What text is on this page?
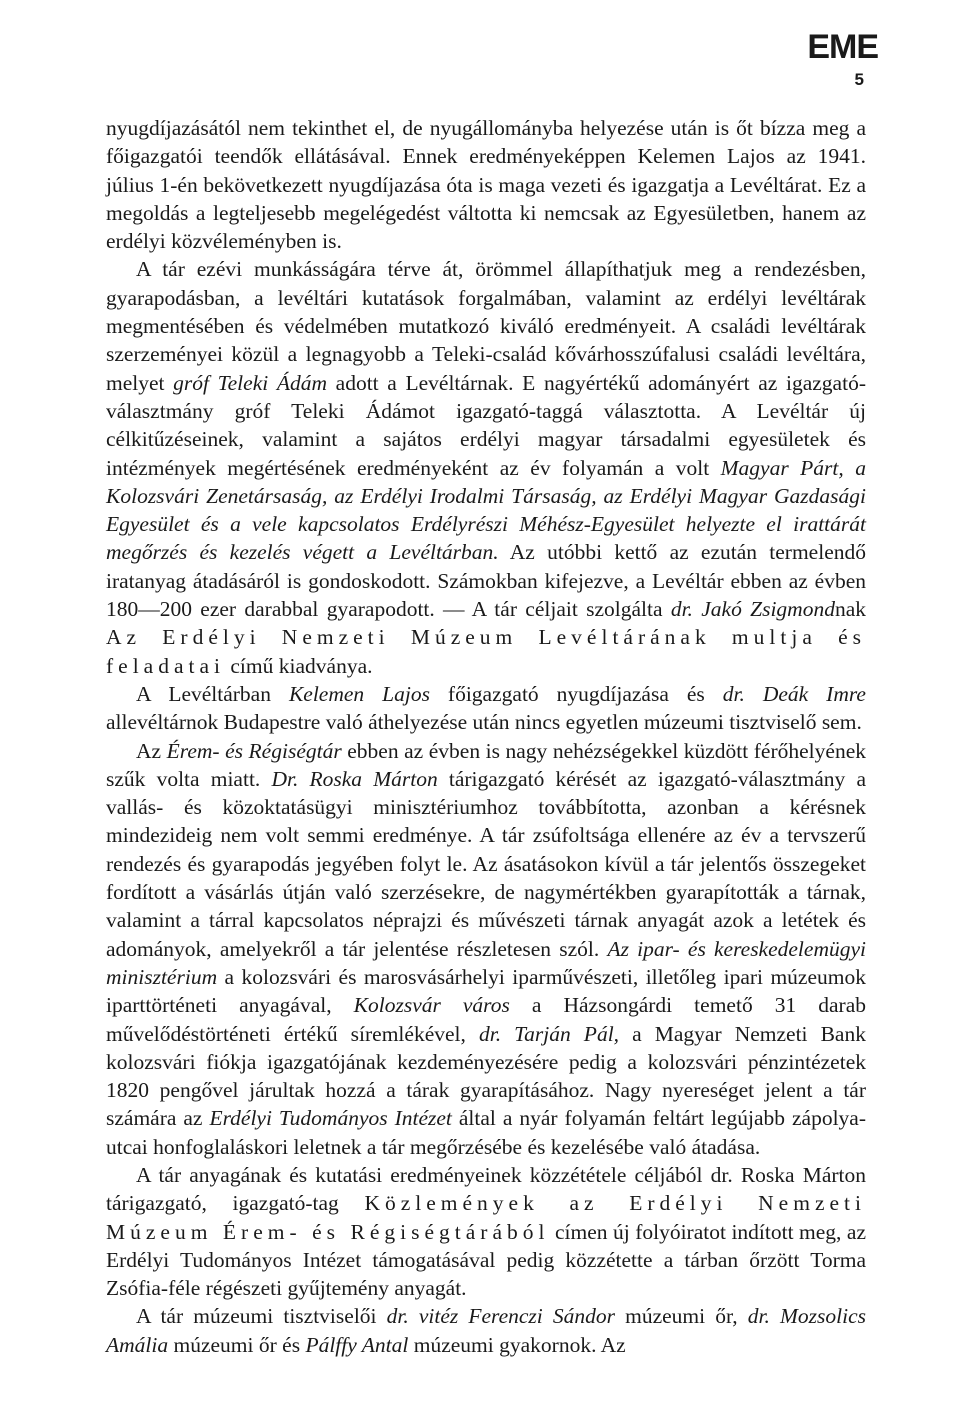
EME
5

nyugdíjazásától nem tekinthet el, de nyugállományba helyezése után is őt bízza meg a főigazgatói teendők ellátásával. Ennek eredményeképpen Kelemen Lajos az 1941. július 1-én bekövetkezett nyugdíjazása óta is maga vezeti és igazgatja a Levéltárat. Ez a megoldás a legteljesebb megelégedést váltotta ki nemcsak az Egyesületben, hanem az erdélyi közvéleményben is.

A tár ezévi munkásságára térve át, örömmel állapíthatjuk meg a rendezésben, gyarapodásban, a levéltári kutatások forgalmában, valamint az erdélyi levéltárak megmentésében és védelmében mutatkozó kiváló eredményeit. A családi levéltárak szerzeményei közül a legnagyobb a Teleki-család kővárhosszúfalusi családi levéltára, melyet gróf Teleki Ádám adott a Levéltárnak. E nagyértékű adományért az igazgató-választmány gróf Teleki Ádámot igazgató-taggá választotta. A Levéltár új célkitűzéseinek, valamint a sajátos erdélyi magyar társadalmi egyesületek és intézmények megértésének eredményeként az év folyamán a volt Magyar Párt, a Kolozsvári Zenetársaság, az Erdélyi Irodalmi Társaság, az Erdélyi Magyar Gazdasági Egyesület és a vele kapcsolatos Erdélyrészi Méhész-Egyesület helyezte el irattárát megőrzés és kezelés végett a Levéltárban. Az utóbbi kettő az ezután termelendő iratanyag átadásáról is gondoskodott. Számokban kifejezve, a Levéltár ebben az évben 180—200 ezer darabbal gyarapodott. — A tár céljait szolgálta dr. Jakó Zsigmondnak Az Erdélyi Nemzeti Múzeum Levéltárának multja és feladatai című kiadványa.

A Levéltárban Kelemen Lajos főigazgató nyugdíjazása és dr. Deák Imre allevéltárnok Budapestre való áthelyezése után nincs egyetlen múzeumi tisztviselő sem.

Az Érem- és Régiségtár ebben az évben is nagy nehézségekkel küzdött férőhelyének szűk volta miatt. Dr. Roska Márton tárigazgató kérését az igazgató-választmány a vallás- és közoktatásügyi minisztériumhoz továbbította, azonban a kérésnek mindezideig nem volt semmi eredménye. A tár zsúfoltsága ellenére az év a tervszerű rendezés és gyarapodás jegyében folyt le. Az ásatásokon kívül a tár jelentős összegeket fordított a vásárlás útján való szerzésekre, de nagymértékben gyarapították a tárnak, valamint a tárral kapcsolatos néprajzi és művészeti tárnak anyagát azok a letétek és adományok, amelyekről a tár jelentése részletesen szól. Az ipar- és kereskedelemügyi minisztérium a kolozsvári és marosvásárhelyi iparművészeti, illetőleg ipari múzeumok iparttörténeti anyagával, Kolozsvár város a Házsongárdi temető 31 darab művelődéstörténeti értékű síremlékével, dr. Tarján Pál, a Magyar Nemzeti Bank kolozsvári fiókja igazgatójának kezdeményezésére pedig a kolozsvári pénzintézetek 1820 pengővel járultak hozzá a tárak gyarapításához. Nagy nyereséget jelent a tár számára az Erdélyi Tudományos Intézet által a nyár folyamán feltárt legújabb zápolya-utcai honfoglaláskori leletnek a tár megőrzésébe és kezelésébe való átadása.

A tár anyagának és kutatási eredményeinek közzététele céljából dr. Roska Márton tárigazgató, igazgató-tag Közlemények az Erdélyi Nemzeti Múzeum Érem- és Régiségtárából címen új folyóiratot indított meg, az Erdélyi Tudományos Intézet támogatásával pedig közzétette a tárban őrzött Torma Zsófia-féle régészeti gyűjtemény anyagát.

A tár múzeumi tisztviselői dr. vitéz Ferenczi Sándor múzeumi őr, dr. Mozsolics Amália múzeumi őr és Pálffy Antal múzeumi gyakornok. Az
